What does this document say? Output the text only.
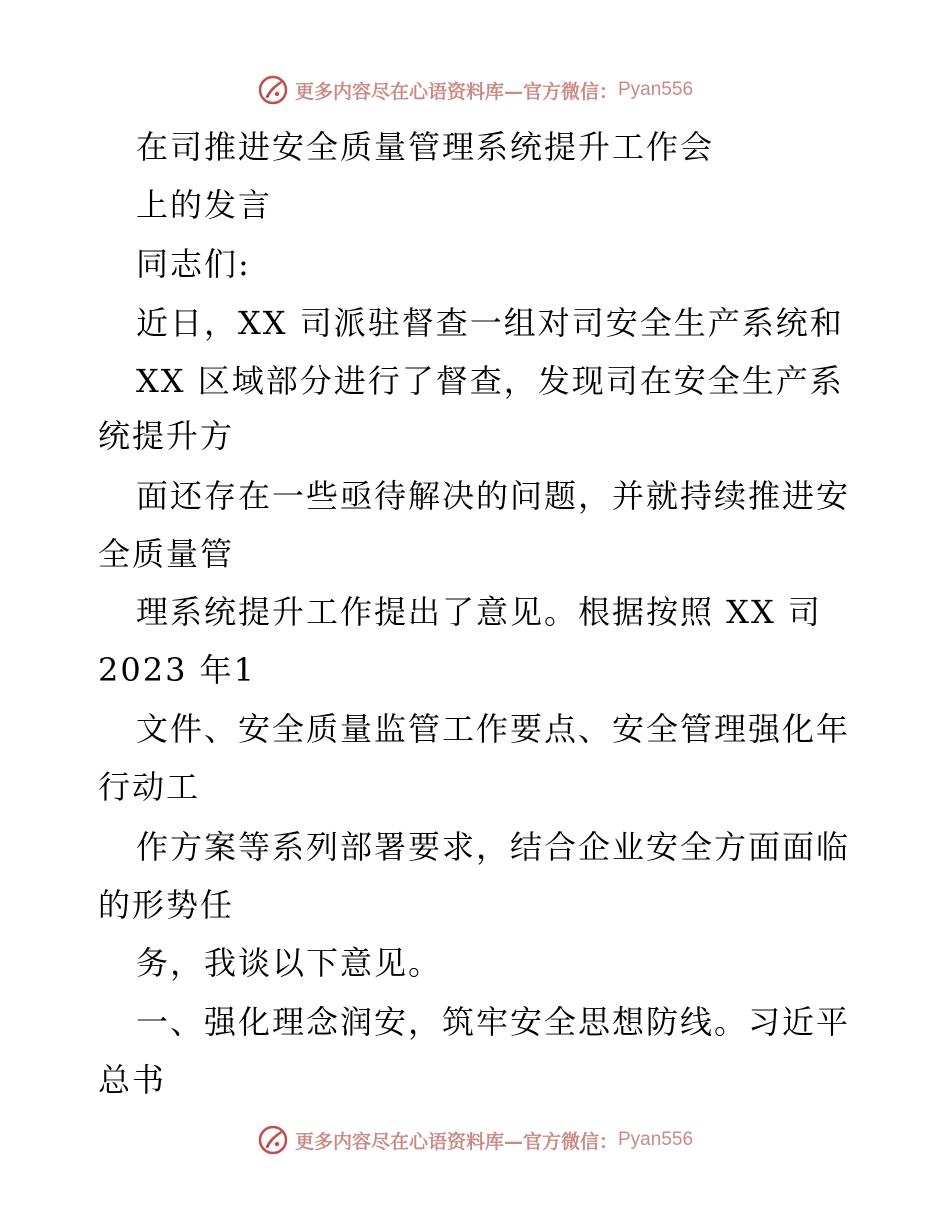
更多内容尽在心语资料库—官方微信： Pyan556
在司推进安全质量管理系统提升工作会
上的发言
同志们:
近日，XX 司派驻督查一组对司安全生产系统和
XX 区域部分进行了督查，发现司在安全生产系
统提升方
面还存在一些亟待解决的问题，并就持续推进安
全质量管
理系统提升工作提出了意见。根据按照 XX 司
2023 年1
文件、安全质量监管工作要点、安全管理强化年
行动工
作方案等系列部署要求，结合企业安全方面面临
的形势任
务，我谈以下意见。
一、强化理念润安，筑牢安全思想防线。习近平
总书
更多内容尽在心语资料库—官方微信： Pyan556
